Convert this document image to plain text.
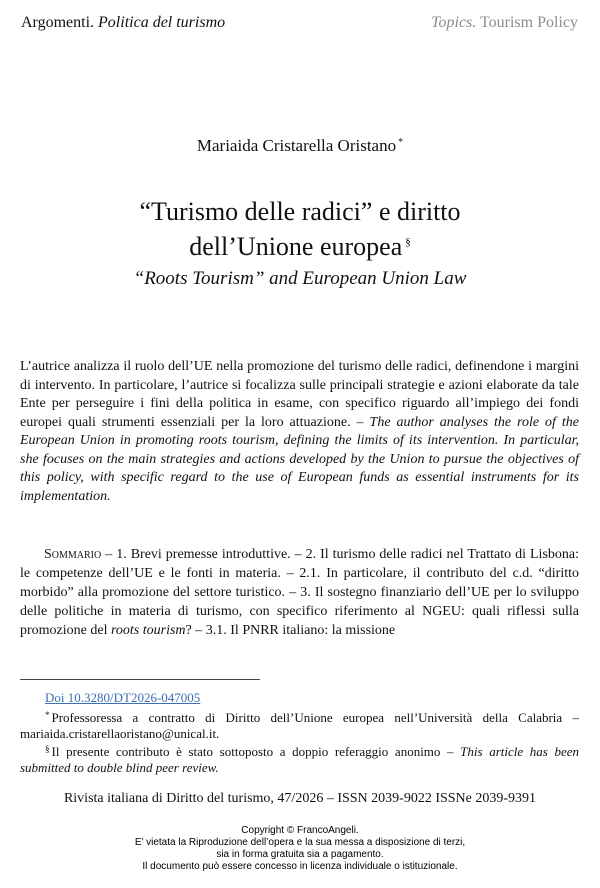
Argomenti. Politica del turismo	Topics. Tourism Policy
Mariaida Cristarella Oristano *
“Turismo delle radici” e diritto
dell’Unione europea §
“Roots Tourism” and European Union Law
L’autrice analizza il ruolo dell’UE nella promozione del turismo delle radici, definendone i margini di intervento. In particolare, l’autrice si focalizza sulle principali strategie e azioni elaborate da tale Ente per perseguire i fini della politica in esame, con specifico riguardo all’impiego dei fondi europei quali strumenti essenziali per la loro attuazione. – The author analyses the role of the European Union in promoting roots tourism, defining the limits of its intervention. In particular, she focuses on the main strategies and actions developed by the Union to pursue the objectives of this policy, with specific regard to the use of European funds as essential instruments for its implementation.
Sommario – 1. Brevi premesse introduttive. – 2. Il turismo delle radici nel Trattato di Lisbona: le competenze dell’UE e le fonti in materia. – 2.1. In particolare, il contributo del c.d. “diritto morbido” alla promozione del settore turistico. – 3. Il sostegno finanziario dell’UE per lo sviluppo delle politiche in materia di turismo, con specifico riferimento al NGEU: quali riflessi sulla promozione del roots tourism? – 3.1. Il PNRR italiano: la missione
Doi 10.3280/DT2026-047005
* Professoressa a contratto di Diritto dell’Unione europea nell’Università della Calabria – mariaida.cristarellaoristano@unical.it.
§ Il presente contributo è stato sottoposto a doppio referaggio anonimo – This article has been submitted to double blind peer review.
Rivista italiana di Diritto del turismo, 47/2026 – ISSN 2039-9022 ISSNe 2039-9391
Copyright © FrancoAngeli.
E’ vietata la Riproduzione dell’opera e la sua messa a disposizione di terzi,
sia in forma gratuita sia a pagamento.
Il documento può essere concesso in licenza individuale o istituzionale.
